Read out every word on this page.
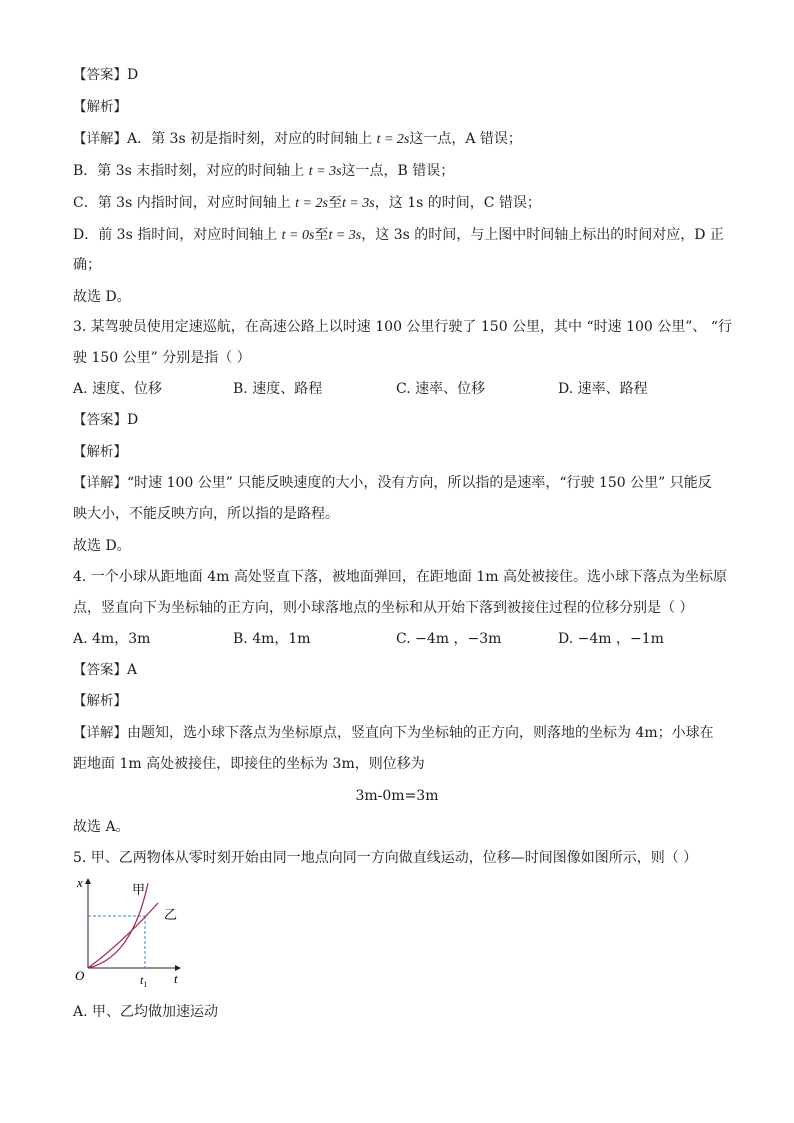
【答案】D
【解析】
【详解】A．第 3s 初是指时刻，对应的时间轴上 t = 2s这一点，A 错误；
B．第 3s 末指时刻，对应的时间轴上 t = 3s这一点，B 错误；
C．第 3s 内指时间，对应时间轴上 t = 2s至t = 3s，这 1s 的时间，C 错误；
D．前 3s 指时间，对应时间轴上 t = 0s至t = 3s，这 3s 的时间，与上图中时间轴上标出的时间对应，D 正
确；
故选 D。
3. 某驾驶员使用定速巡航，在高速公路上以时速 100 公里行驶了 150 公里，其中 “时速 100 公里”、 “行
驶 150 公里” 分别是指（ ）
A. 速度、位移	B. 速度、路程	C. 速率、位移	D. 速率、路程
【答案】D
【解析】
【详解】“时速 100 公里” 只能反映速度的大小，没有方向，所以指的是速率，“行驶 150 公里” 只能反
映大小，不能反映方向，所以指的是路程。
故选 D。
4. 一个小球从距地面 4m 高处竖直下落，被地面弹回，在距地面 1m 高处被接住。选小球下落点为坐标原
点，竖直向下为坐标轴的正方向，则小球落地点的坐标和从开始下落到被接住过程的位移分别是（ ）
A. 4m，3m	B. 4m，1m	C. −4m ，−3m	D. −4m ，−1m
【答案】A
【解析】
【详解】由题知，选小球下落点为坐标原点，竖直向下为坐标轴的正方向，则落地的坐标为 4m；小球在
距地面 1m 高处被接住，即接住的坐标为 3m，则位移为
3m-0m=3m
故选 A。
5. 甲、乙两物体从零时刻开始由同一地点向同一方向做直线运动，位移—时间图像如图所示，则（ ）
x
t
O	$t_1$
甲
乙
A. 甲、乙均做加速运动
